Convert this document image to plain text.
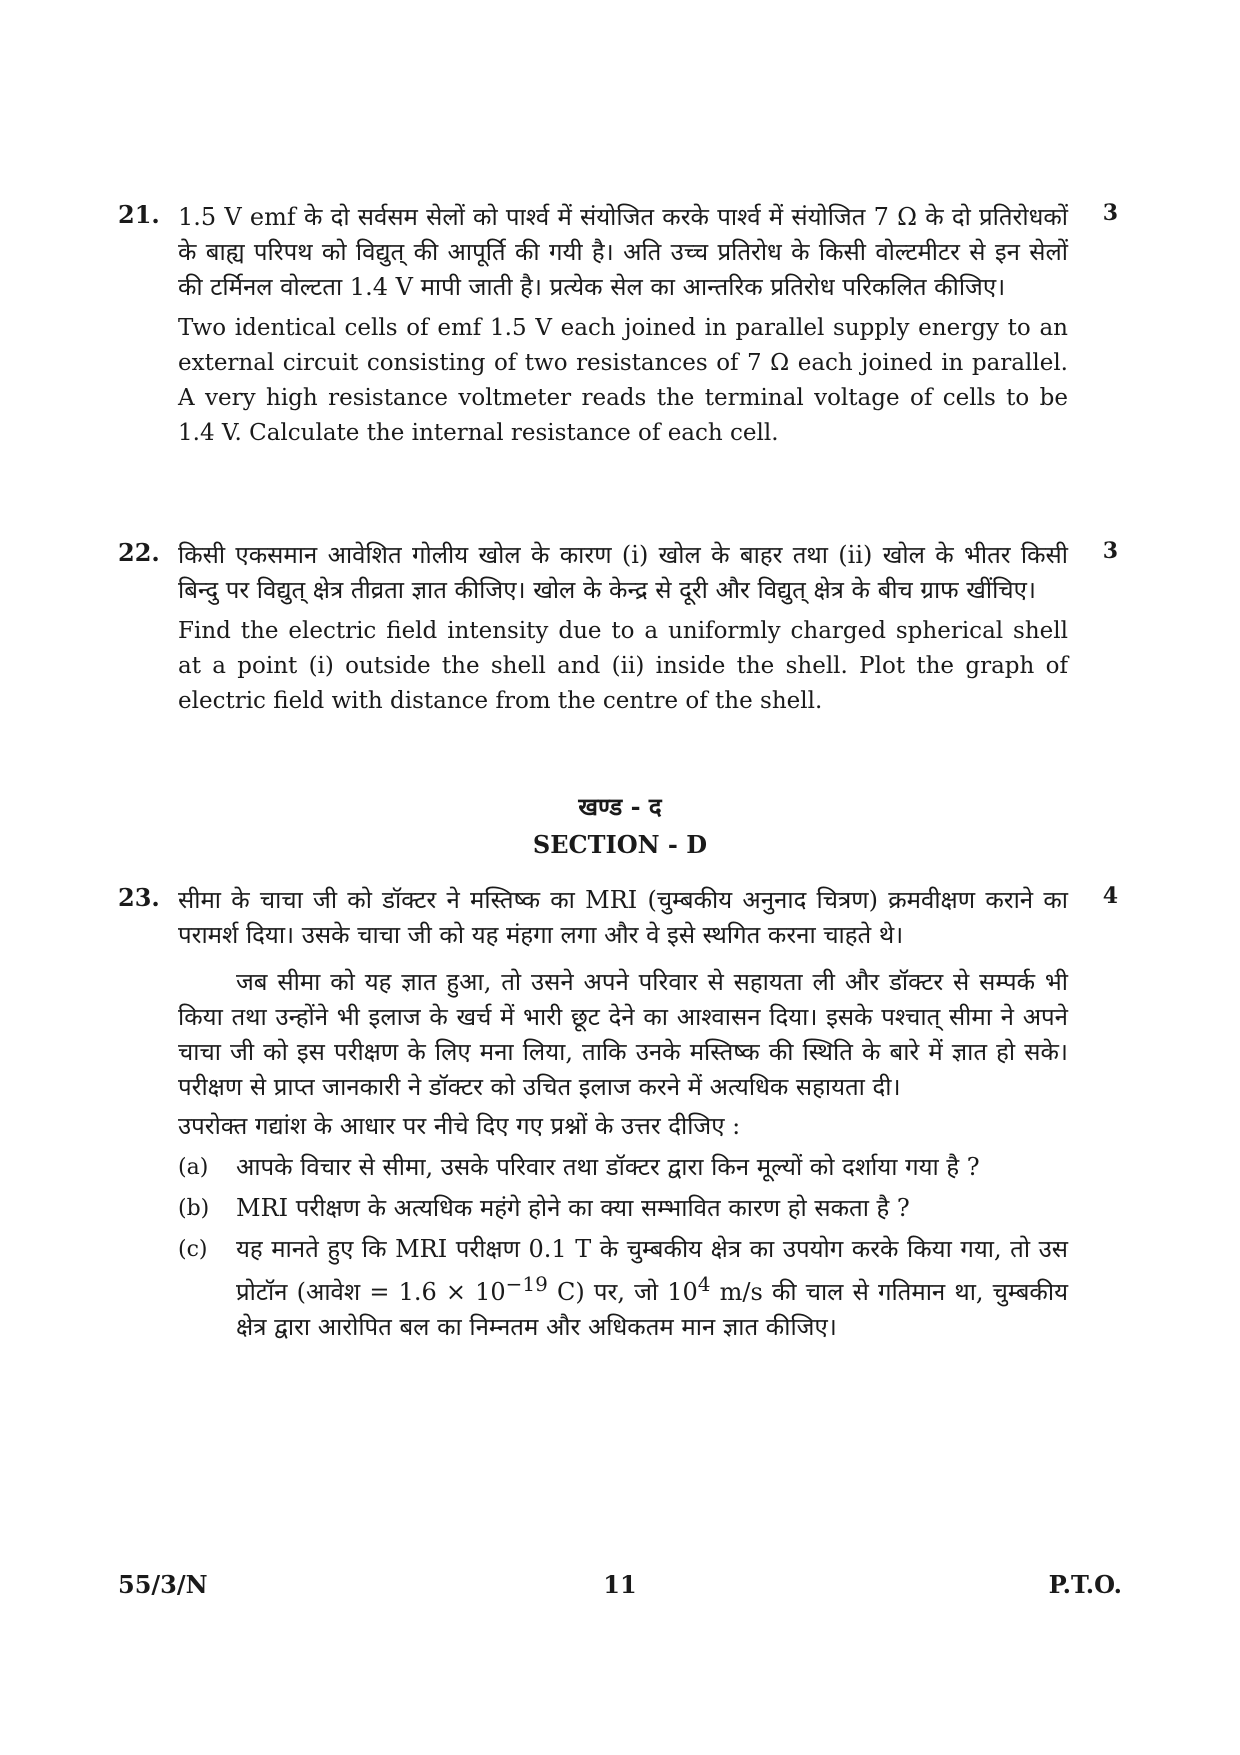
21.	3

1.5 V emf के दो सर्वसम सेलों को पार्श्व में संयोजित करके पार्श्व में संयोजित 7 Ω के दो प्रतिरोधकों के बाह्य परिपथ को विद्युत् की आपूर्ति की गयी है। अति उच्च प्रतिरोध के किसी वोल्टमीटर से इन सेलों की टर्मिनल वोल्टता 1.4 V मापी जाती है। प्रत्येक सेल का आन्तरिक प्रतिरोध परिकलित कीजिए।

Two identical cells of emf 1.5 V each joined in parallel supply energy to an external circuit consisting of two resistances of 7 Ω each joined in parallel. A very high resistance voltmeter reads the terminal voltage of cells to be 1.4 V. Calculate the internal resistance of each cell.

22.	3

किसी एकसमान आवेशित गोलीय खोल के कारण (i) खोल के बाहर तथा (ii) खोल के भीतर किसी बिन्दु पर विद्युत् क्षेत्र तीव्रता ज्ञात कीजिए। खोल के केन्द्र से दूरी और विद्युत् क्षेत्र के बीच ग्राफ खींचिए।

Find the electric field intensity due to a uniformly charged spherical shell at a point (i) outside the shell and (ii) inside the shell. Plot the graph of electric field with distance from the centre of the shell.

खण्ड - द
SECTION - D
23.	4

सीमा के चाचा जी को डॉक्टर ने मस्तिष्क का MRI (चुम्बकीय अनुनाद चित्रण) क्रमवीक्षण कराने का परामर्श दिया। उसके चाचा जी को यह मंहगा लगा और वे इसे स्थगित करना चाहते थे।

जब सीमा को यह ज्ञात हुआ, तो उसने अपने परिवार से सहायता ली और डॉक्टर से सम्पर्क भी किया तथा उन्होंने भी इलाज के खर्च में भारी छूट देने का आश्वासन दिया। इसके पश्चात् सीमा ने अपने चाचा जी को इस परीक्षण के लिए मना लिया, ताकि उनके मस्तिष्क की स्थिति के बारे में ज्ञात हो सके। परीक्षण से प्राप्त जानकारी ने डॉक्टर को उचित इलाज करने में अत्यधिक सहायता दी।

उपरोक्त गद्यांश के आधार पर नीचे दिए गए प्रश्नों के उत्तर दीजिए :

(a)	आपके विचार से सीमा, उसके परिवार तथा डॉक्टर द्वारा किन मूल्यों को दर्शाया गया है ?
(b)	MRI परीक्षण के अत्यधिक महंगे होने का क्या सम्भावित कारण हो सकता है ?
(c)	यह मानते हुए कि MRI परीक्षण 0.1 T के चुम्बकीय क्षेत्र का उपयोग करके किया गया, तो उस प्रोटॉन (आवेश = $1.6 \times 10^{-19}$ C) पर, जो $10^4$ m/s की चाल से गतिमान था, चुम्बकीय क्षेत्र द्वारा आरोपित बल का निम्नतम और अधिकतम मान ज्ञात कीजिए।
55/3/N	11	P.T.O.
